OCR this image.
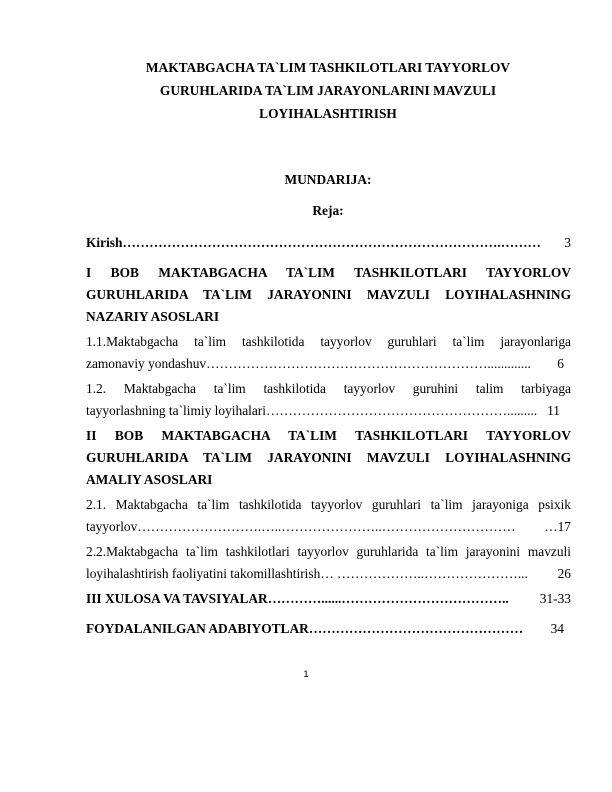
MAKTABGACHA TA`LIM TASHKILOTLARI TAYYORLOV
GURUHLARIDA TA`LIM JARAYONLARINI MAVZULI
LOYIHALASHTIRISH
MUNDARIJA:
Reja:
Kirish ………………………………………………………………………….………	3
I BOB MAKTABGACHA TA`LIM TASHKILOTLARI TAYYORLOV
GURUHLARIDA TA`LIM JARAYONINI MAVZULI LOYIHALASHNING
NAZARIY ASOSLARI
1.1.Maktabgacha ta`lim tashkilotida tayyorlov guruhlari ta`lim jarayonlariga
zamonaviy yondashuv ……………………………………………………….............	6
1.2. Maktabgacha ta`lim tashkilotida tayyorlov guruhini talim tarbiyaga
tayyorlashning ta`limiy loyihalari ………………………………………………......... 11
II BOB MAKTABGACHA TA`LIM TASHKILOTLARI TAYYORLOV
GURUHLARIDA TA`LIM JARAYONINI MAVZULI LOYIHALASHNING
AMALIY ASOSLARI
2.1. Maktabgacha ta`lim tashkilotida tayyorlov guruhlari ta`lim jarayoniga psixik
tayyorlov ……………………….…..…………………..…………………………	…17
2.2.Maktabgacha ta`lim tashkilotlari tayyorlov guruhlarida ta`lim jarayonini mavzuli
loyihalashtirish faoliyatini takomillashtirish … ………………..…………………...	26
III XULOSA VA TAVSIYALAR …………......………………………………..	31-33
FOYDALANILGAN ADABIYOTLAR …………………………………………	34
1
